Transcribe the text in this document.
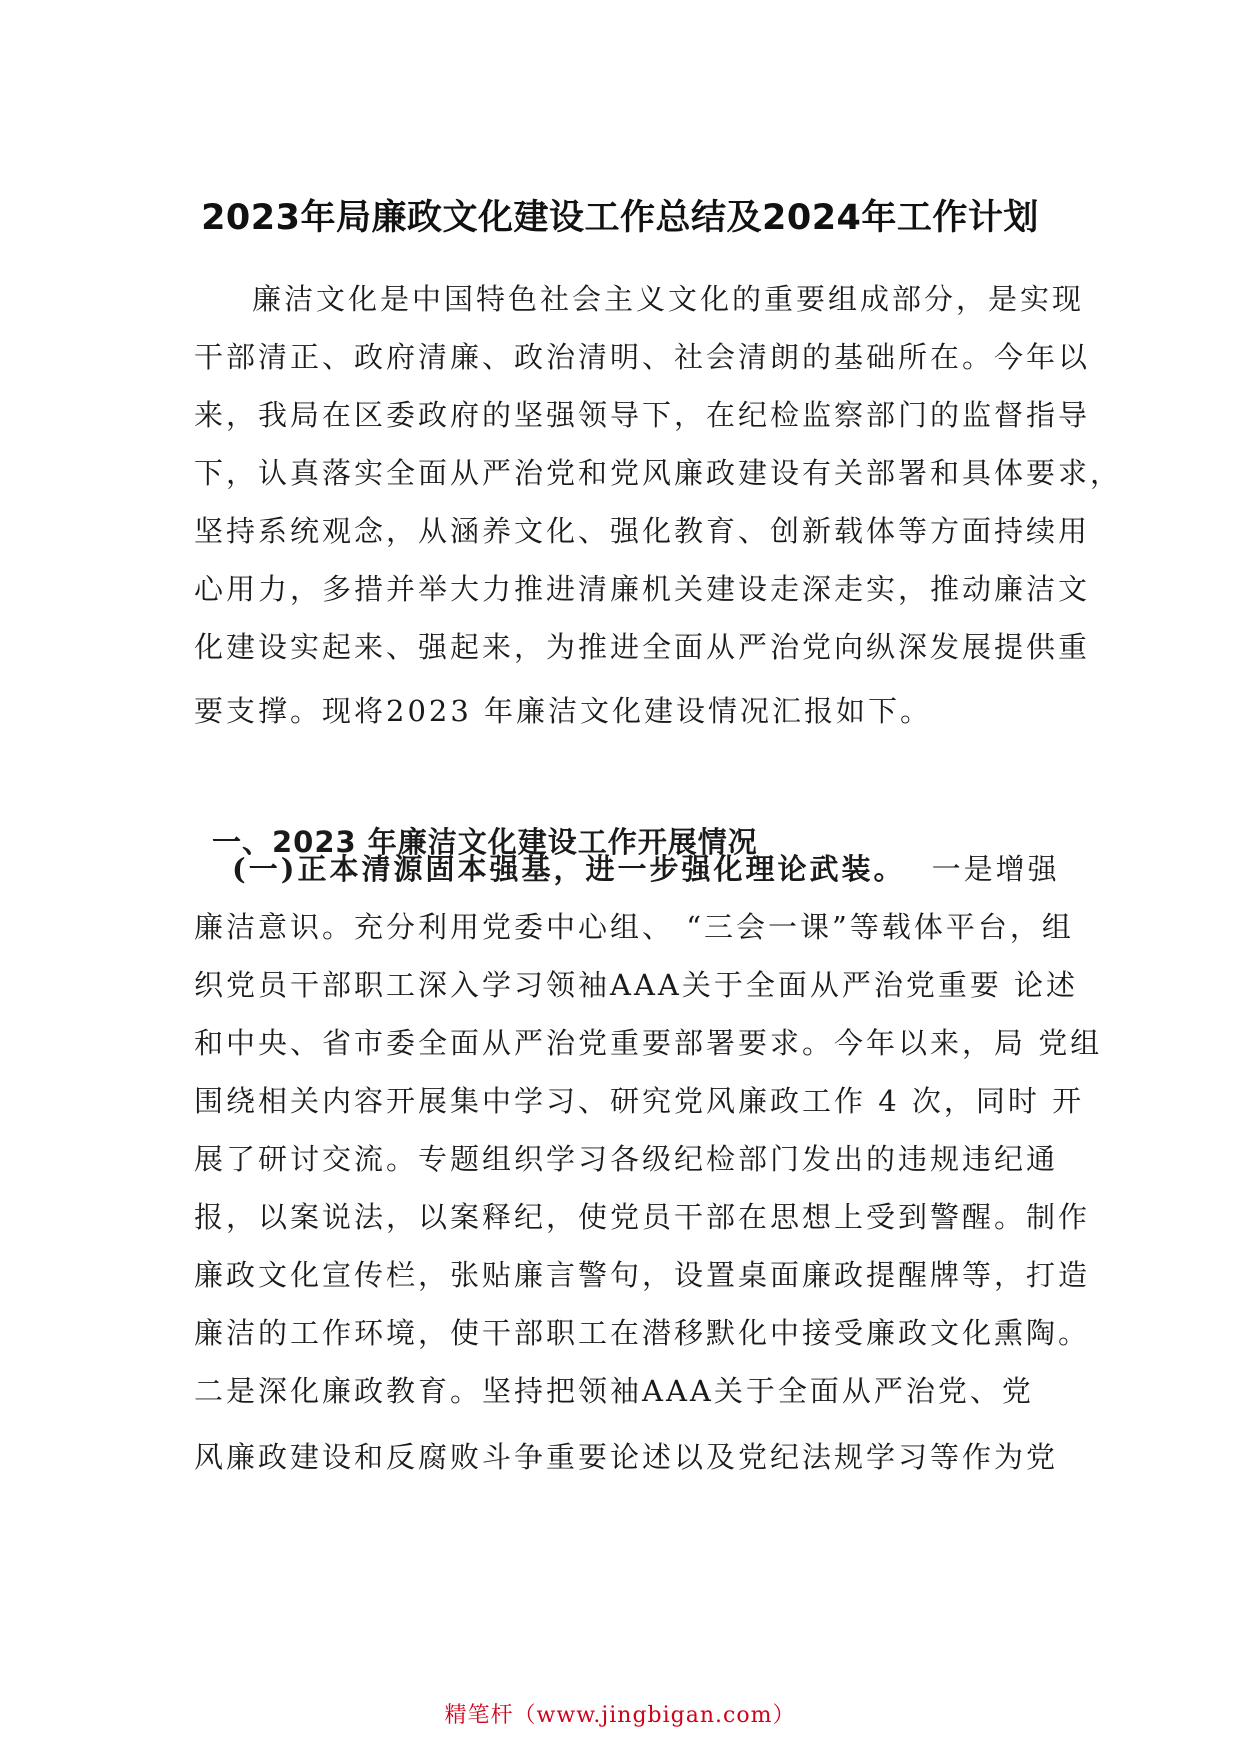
2023年局廉政文化建设工作总结及2024年工作计划
廉洁文化是中国特色社会主义文化的重要组成部分，是实现
干部清正、政府清廉、政治清明、社会清朗的基础所在。今年以
来，我局在区委政府的坚强领导下，在纪检监察部门的监督指导
下，认真落实全面从严治党和党风廉政建设有关部署和具体要求，
坚持系统观念，从涵养文化、强化教育、创新载体等方面持续用
心用力，多措并举大力推进清廉机关建设走深走实，推动廉洁文
化建设实起来、强起来，为推进全面从严治党向纵深发展提供重
要支撑。现将2023 年廉洁文化建设情况汇报如下。
一、2023 年廉洁文化建设工作开展情况
(一)正本清源固本强基，进一步强化理论武装。 一是增强
廉洁意识。充分利用党委中心组、 “三会一课”等载体平台，组
织党员干部职工深入学习领袖AAA关于全面从严治党重要 论述
和中央、省市委全面从严治党重要部署要求。今年以来，局 党组
围绕相关内容开展集中学习、研究党风廉政工作 4 次，同时 开
展了研讨交流。专题组织学习各级纪检部门发出的违规违纪通
报，以案说法，以案释纪，使党员干部在思想上受到警醒。制作
廉政文化宣传栏，张贴廉言警句，设置桌面廉政提醒牌等，打造
廉洁的工作环境，使干部职工在潜移默化中接受廉政文化熏陶。
二是深化廉政教育。坚持把领袖AAA关于全面从严治党、党
风廉政建设和反腐败斗争重要论述以及党纪法规学习等作为党
精笔杆（www.jingbigan.com）
